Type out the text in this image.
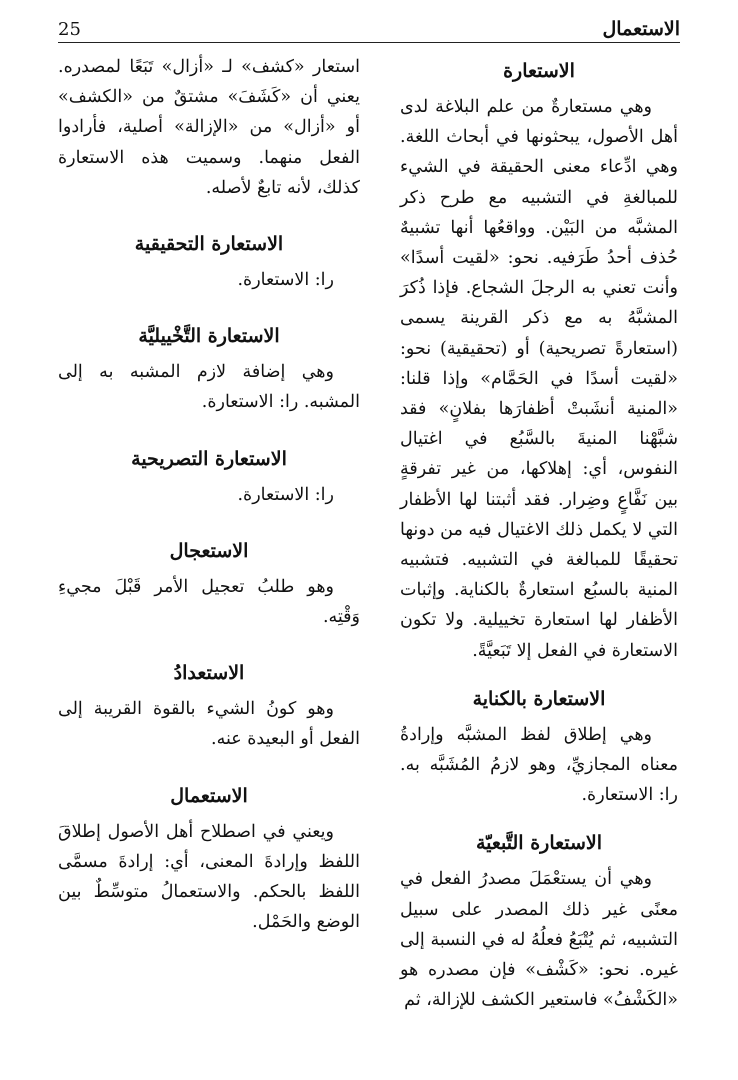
25	الاستعمال
الاستعارة

وهي مستعارةٌ من علم البلاغة لدى أهل الأصول، يبحثونها في أبحاث اللغة. وهي ادِّعاء معنى الحقيقة في الشيء للمبالغةِ في التشبيه مع طرح ذكر المشبَّه من البَيْن. وواقعُها أنها تشبيهٌ حُذف أحدُ طَرَفيه. نحو: «لقيت أسدًا» وأنت تعني به الرجلَ الشجاع. فإذا ذُكرَ المشبَّهُ به مع ذكر القرينة يسمى (استعارةً تصريحية) أو (تحقيقية) نحو: «لقيت أسدًا في الحَمَّام» وإذا قلنا: «المنية أنشَبتْ أظفارَها بفلانٍ» فقد شبَّهْنا المنيةَ بالسَّبُع في اغتيال النفوس، أي: إهلاكها، من غير تفرقةٍ بين نَفَّاعٍ وضِرار. فقد أثبتنا لها الأظفار التي لا يكمل ذلك الاغتيال فيه من دونها تحقيقًا للمبالغة في التشبيه. فتشبيه المنية بالسبُع استعارةٌ بالكناية. وإثبات الأظفار لها استعارة تخييلية. ولا تكون الاستعارة في الفعل إلا تَبَعيَّةً.

الاستعارة بالكناية

وهي إطلاق لفظ المشبَّه وإرادةُ معناه المجازيِّ، وهو لازمُ المُشَبَّه به. را: الاستعارة.

الاستعارة التَّبعيّة

وهي أن يستعْمَلَ مصدرُ الفعل في معنًى غير ذلك المصدر على سبيل التشبيه، ثم يُتْبَعُ فعلُهُ له في النسبة إلى غيره. نحو: «كَشْف» فإن مصدره هو «الكَشْفُ» فاستعير الكشف للإزالة، ثم

استعار «كشف» لـ «أزال» تَبَعًا لمصدره. يعني أن «كَشَفَ» مشتقٌ من «الكشف» أو «أزال» من «الإزالة» أصلية، فأرادوا الفعل منهما. وسميت هذه الاستعارة كذلك، لأنه تابعٌ لأصله.

الاستعارة التحقيقية

را: الاستعارة.

الاستعارة التَّخْييليَّة

وهي إضافة لازم المشبه به إلى المشبه. را: الاستعارة.

الاستعارة التصريحية

را: الاستعارة.

الاستعجال

وهو طلبُ تعجيل الأمر قَبْلَ مجيءِ وَقْتِه.

الاستعدادُ

وهو كونُ الشيء بالقوة القريبة إلى الفعل أو البعيدة عنه.

الاستعمال

ويعني في اصطلاح أهل الأصول إطلاقَ اللفظ وإرادةَ المعنى، أي: إرادةَ مسمَّى اللفظ بالحكم. والاستعمالُ متوسِّطٌ بين الوضع والحَمْل.
